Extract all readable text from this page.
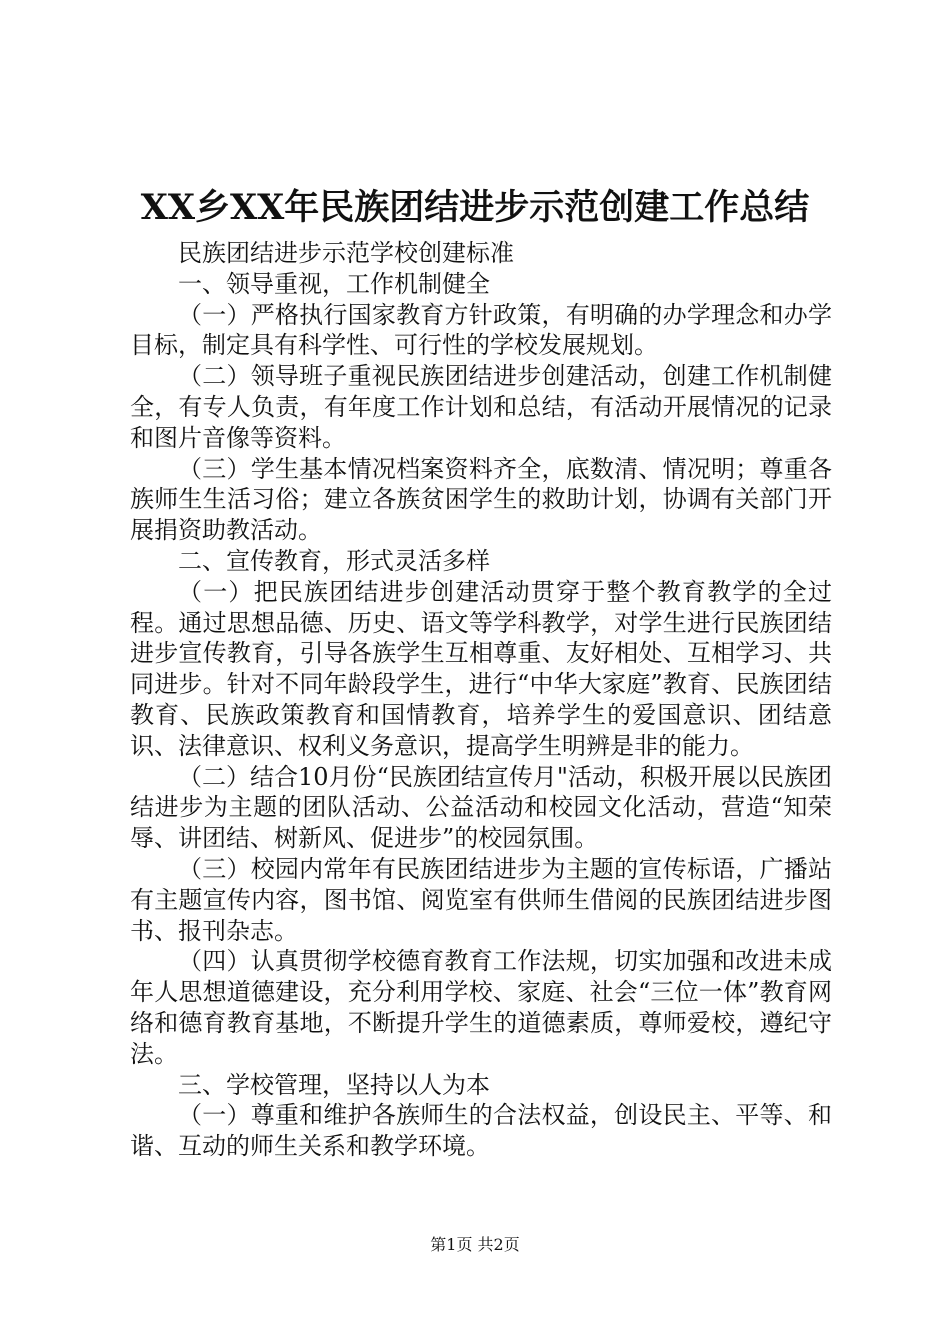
XX乡XX年民族团结进步示范创建工作总结

民族团结进步示范学校创建标准

一、领导重视，工作机制健全

（一）严格执行国家教育方针政策，有明确的办学理念和办学目标，制定具有科学性、可行性的学校发展规划。

（二）领导班子重视民族团结进步创建活动，创建工作机制健全，有专人负责，有年度工作计划和总结，有活动开展情况的记录和图片音像等资料。

（三）学生基本情况档案资料齐全，底数清、情况明；尊重各族师生生活习俗；建立各族贫困学生的救助计划，协调有关部门开展捐资助教活动。

二、宣传教育，形式灵活多样

（一）把民族团结进步创建活动贯穿于整个教育教学的全过程。通过思想品德、历史、语文等学科教学，对学生进行民族团结进步宣传教育，引导各族学生互相尊重、友好相处、互相学习、共同进步。针对不同年龄段学生，进行“中华大家庭”教育、民族团结教育、民族政策教育和国情教育，培养学生的爱国意识、团结意识、法律意识、权利义务意识，提高学生明辨是非的能力。

（二）结合10月份“民族团结宣传月"活动，积极开展以民族团结进步为主题的团队活动、公益活动和校园文化活动，营造“知荣辱、讲团结、树新风、促进步”的校园氛围。

（三）校园内常年有民族团结进步为主题的宣传标语，广播站有主题宣传内容，图书馆、阅览室有供师生借阅的民族团结进步图书、报刊杂志。

（四）认真贯彻学校德育教育工作法规，切实加强和改进未成年人思想道德建设，充分利用学校、家庭、社会“三位一体”教育网络和德育教育基地，不断提升学生的道德素质，尊师爱校，遵纪守法。

三、学校管理，坚持以人为本

（一）尊重和维护各族师生的合法权益，创设民主、平等、和谐、互动的师生关系和教学环境。

第1页 共2页
